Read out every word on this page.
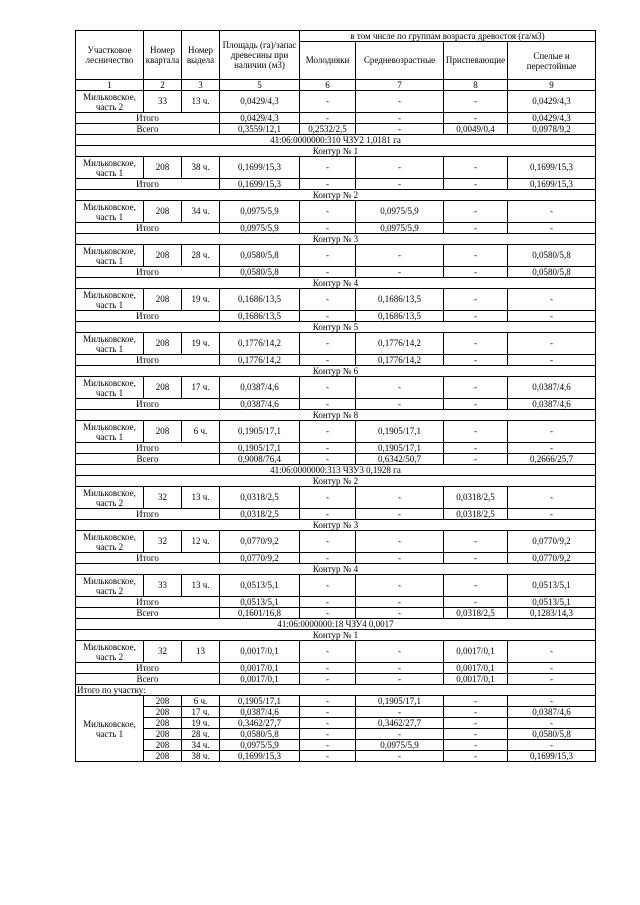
Участковое лесничество	Номер квартала	Номер выдела	Площадь (га)/запас древесины при наличии (м3)	в том числе по группам возраста древостоя (га/м3)			
				Молодняки	Средневозрастные	Приспевающие	Спелые и перестойные
1	2	3	5	6	7	8	9
Мильковское, часть 2	33	13 ч.	0,0429/4,3	-	-	-	0,0429/4,3
Итого			0,0429/4,3	-	-	-	0,0429/4,3
Всего			0,3559/12,1	0,2532/2,5	-	0,0049/0,4	0,0978/9,2
41:06:0000000:310 ЧЗУ2 1,0181 га							
Контур № 1							
Мильковское, часть 1	208	38 ч.	0,1699/15,3	-	-	-	0,1699/15,3
Итого			0,1699/15,3	-	-	-	0,1699/15,3
Контур № 2							
Мильковское, часть 1	208	34 ч.	0,0975/5,9	-	0,0975/5,9	-	-
Итого			0,0975/5,9	-	0,0975/5,9	-	-
Контур № 3							
Мильковское, часть 1	208	28 ч.	0,0580/5,8	-	-	-	0,0580/5,8
Итого			0,0580/5,8	-	-	-	0,0580/5,8
Контур № 4							
Мильковское, часть 1	208	19 ч.	0,1686/13,5	-	0,1686/13,5	-	-
Итого			0,1686/13,5	-	0,1686/13,5	-	-
Контур № 5							
Мильковское, часть 1	208	19 ч.	0,1776/14,2	-	0,1776/14,2	-	-
Итого			0,1776/14,2	-	0,1776/14,2	-	-
Контур № 6							
Мильковское, часть 1	208	17 ч.	0,0387/4,6	-	-	-	0,0387/4,6
Итого			0,0387/4,6	-	-	-	0,0387/4,6
Контур № 8							
Мильковское, часть 1	208	6 ч.	0,1905/17,1	-	0,1905/17,1	-	-
Итого			0,1905/17,1	-	0,1905/17,1	-	-
Всего			0,9008/76,4	-	0,6342/50,7	-	0,2666/25,7
41:06:0000000:313 ЧЗУ3 0,1928 га							
Контур № 2							
Мильковское, часть 2	32	13 ч.	0,0318/2,5	-	-	0,0318/2,5	-
Итого			0,0318/2,5	-	-	0,0318/2,5	-
Контур № 3							
Мильковское, часть 2	32	12 ч.	0,0770/9,2	-	-	-	0,0770/9,2
Итого			0,0770/9,2	-	-	-	0,0770/9,2
Контур № 4							
Мильковское, часть 2	33	13 ч.	0,0513/5,1	-	-	-	0,0513/5,1
Итого			0,0513/5,1	-	-	-	0,0513/5,1
Всего			0,1601/16,8	-	-	0,0318/2,5	0,1283/14,3
41:06:0000000:18 ЧЗУ4 0,0017							
Контур № 1							
Мильковское, часть 2	32	13	0,0017/0,1	-	-	0,0017/0,1	-
Итого			0,0017/0,1	-	-	0,0017/0,1	-
Всего			0,0017/0,1	-	-	0,0017/0,1	-
Итого по участку:							
Мильковское, часть 1	208	6 ч.	0,1905/17,1	-	0,1905/17,1	-	-
	208	17 ч.	0,0387/4,6	-	-	-	0,0387/4,6
	208	19 ч.	0,3462/27,7	-	0,3462/27,7	-	-
	208	28 ч.	0,0580/5,8	-	-	-	0,0580/5,8
	208	34 ч.	0,0975/5,9	-	0,0975/5,9	-	-
	208	38 ч.	0,1699/15,3	-	-	-	0,1699/15,3
